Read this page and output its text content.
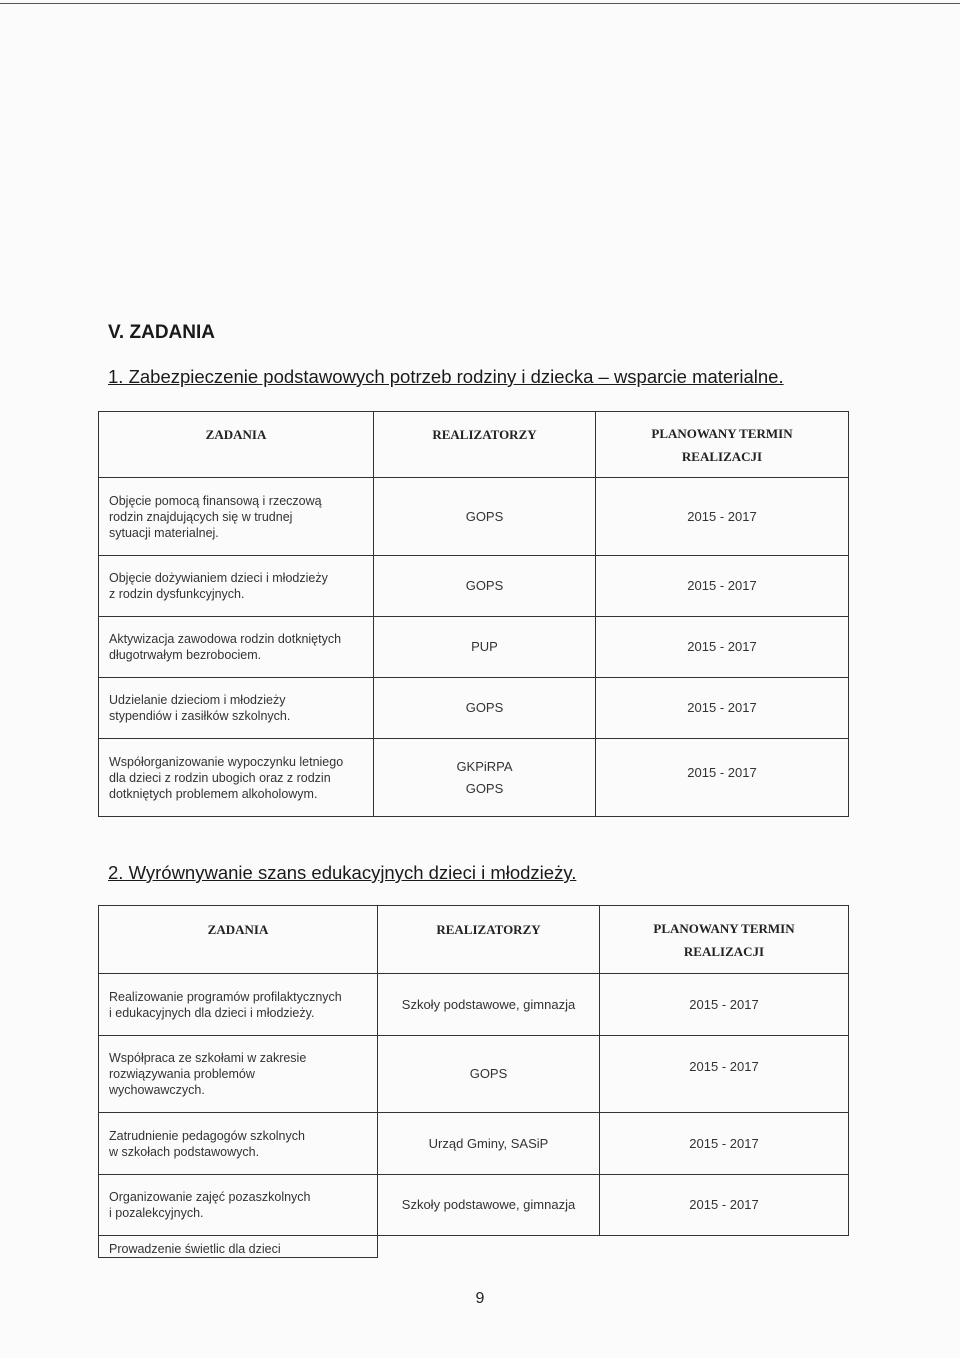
V. ZADANIA
1. Zabezpieczenie podstawowych potrzeb rodziny i dziecka – wsparcie materialne.
ZADANIA	REALIZATORZY	PLANOWANY TERMIN
REALIZACJI
Objęcie pomocą finansową i rzeczową
rodzin znajdujących się w trudnej
sytuacji materialnej.	GOPS	2015 - 2017
Objęcie dożywianiem dzieci i młodzieży
z rodzin dysfunkcyjnych.	GOPS	2015 - 2017
Aktywizacja zawodowa rodzin dotkniętych
długotrwałym bezrobociem.	PUP	2015 - 2017
Udzielanie dzieciom i młodzieży
stypendiów i zasiłków szkolnych.	GOPS	2015 - 2017
Współorganizowanie wypoczynku letniego
dla dzieci z rodzin ubogich oraz z rodzin
dotkniętych problemem alkoholowym.	GKPiRPA
GOPS	2015 - 2017
2. Wyrównywanie szans edukacyjnych dzieci i młodzieży.
ZADANIA	REALIZATORZY	PLANOWANY TERMIN
REALIZACJI
Realizowanie programów profilaktycznych
i edukacyjnych dla dzieci i młodzieży.	Szkoły podstawowe, gimnazja	2015 - 2017
Współpraca ze szkołami w zakresie
rozwiązywania problemów
wychowawczych.	GOPS	2015 - 2017
Zatrudnienie pedagogów szkolnych
w szkołach podstawowych.	Urząd Gminy, SASiP	2015 - 2017
Organizowanie zajęć pozaszkolnych
i pozalekcyjnych.	Szkoły podstawowe, gimnazja	2015 - 2017
Prowadzenie świetlic dla dzieci		
9
